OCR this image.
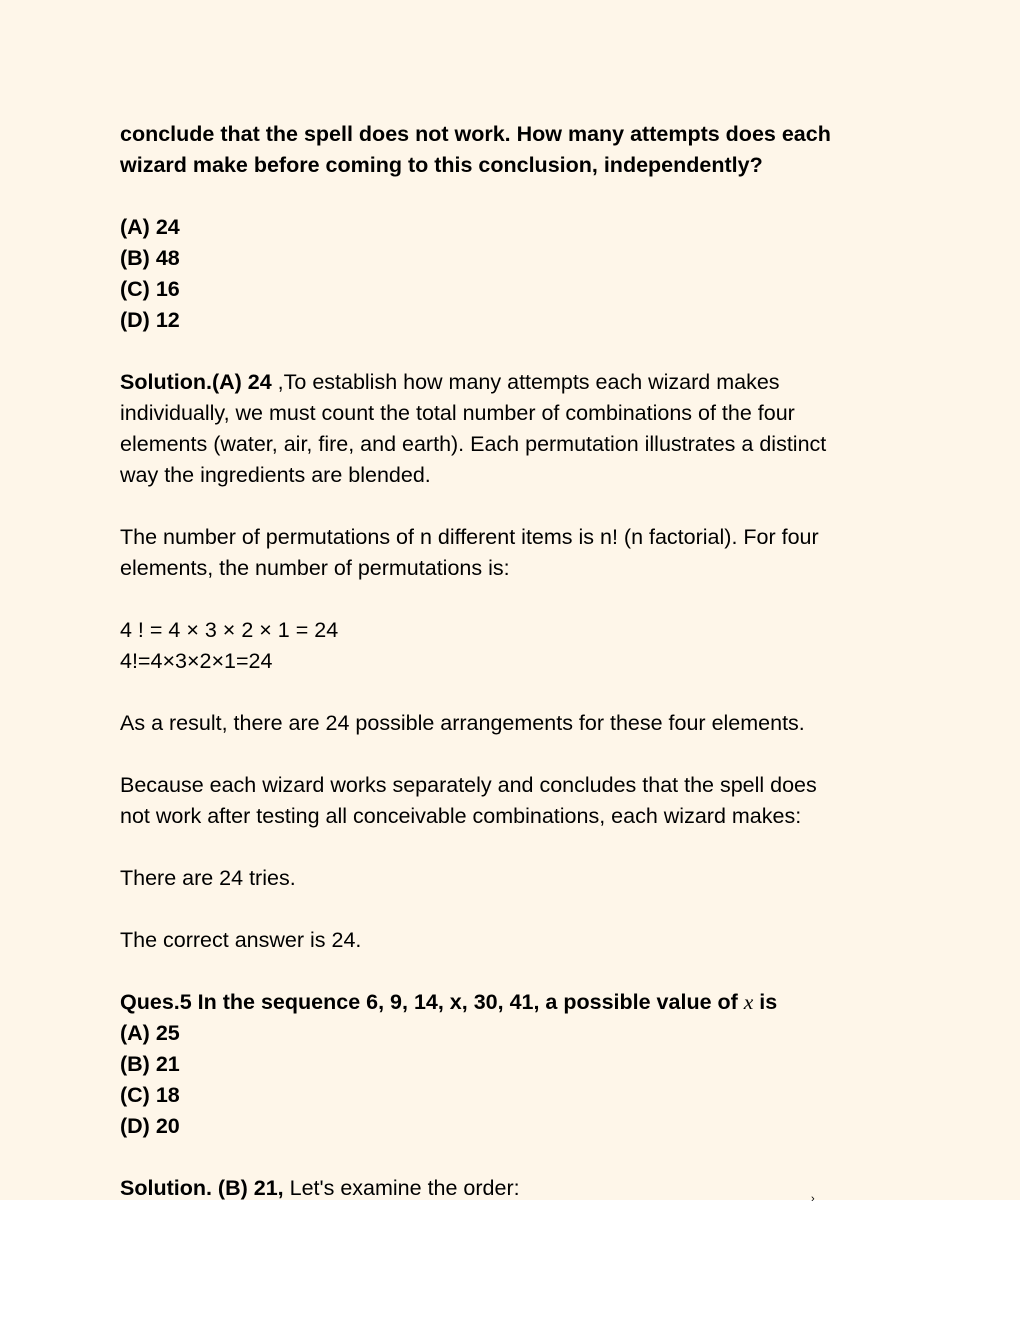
conclude that the spell does not work. How many attempts does each

wizard make before coming to this conclusion, independently?

(A) 24

(B) 48

(C) 16

(D) 12

Solution.(A) 24 ,To establish how many attempts each wizard makes

individually, we must count the total number of combinations of the four

elements (water, air, fire, and earth). Each permutation illustrates a distinct

way the ingredients are blended.

The number of permutations of n different items is n! (n factorial). For four

elements, the number of permutations is:

4 ! = 4 × 3 × 2 × 1 = 24

4!=4×3×2×1=24

As a result, there are 24 possible arrangements for these four elements.

Because each wizard works separately and concludes that the spell does

not work after testing all conceivable combinations, each wizard makes:

There are 24 tries.

The correct answer is 24.

Ques.5 In the sequence 6, 9, 14, x, 30, 41, a possible value of x is

(A) 25

(B) 21

(C) 18

(D) 20

Solution. (B) 21, Let's examine the order:	›
